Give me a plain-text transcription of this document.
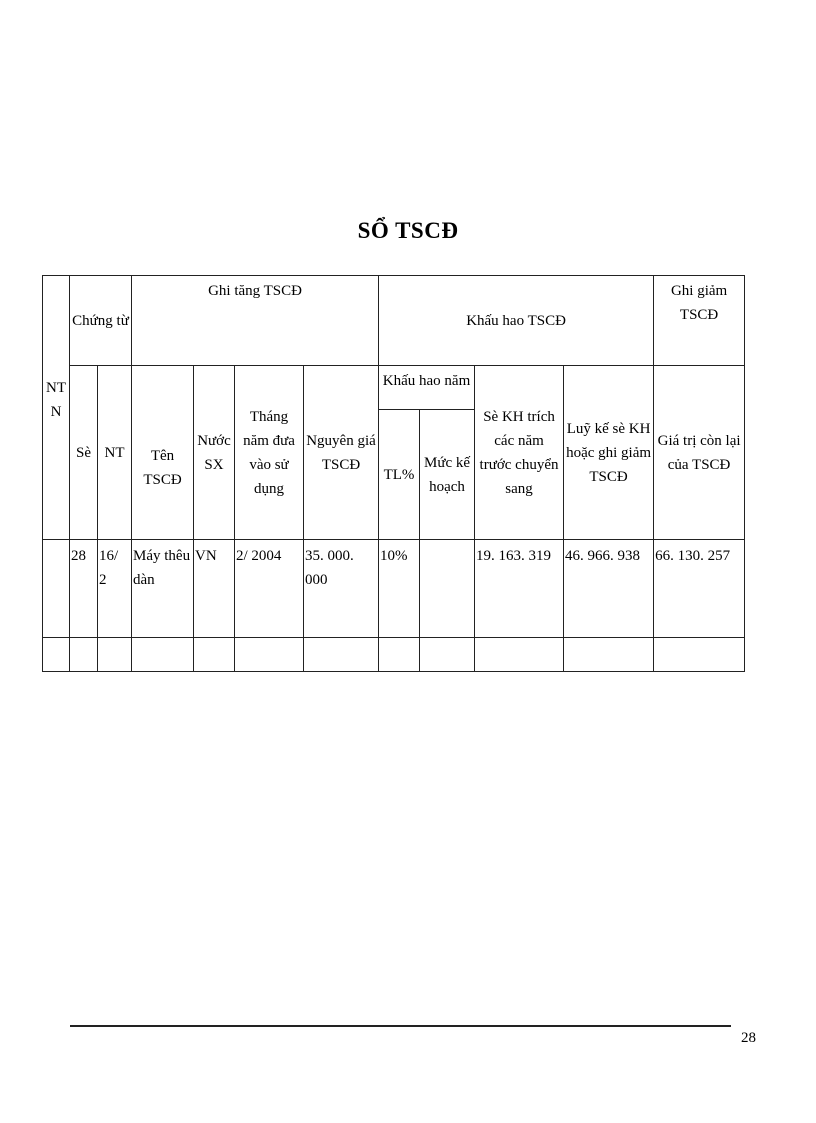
SỔ TSCĐ
NT N	Chứng từ		Ghi tăng TSCĐ				Khấu hao TSCĐ				Ghi giảm TSCĐ
	Sè	NT	Tên TSCĐ	Nước SX	Tháng năm đưa vào sử dụng	Nguyên giá TSCĐ	Khấu hao năm		Sè KH trích các năm trước chuyển sang	Luỹ kế sè KH hoặc ghi giảm TSCĐ	Giá trị còn lại của TSCĐ
							TL%	Mức kế hoạch			
	28	16/ 2	Máy thêu dàn	VN	2/ 2004	35. 000. 000	10%		19. 163. 319	46. 966. 938	66. 130. 257

28
